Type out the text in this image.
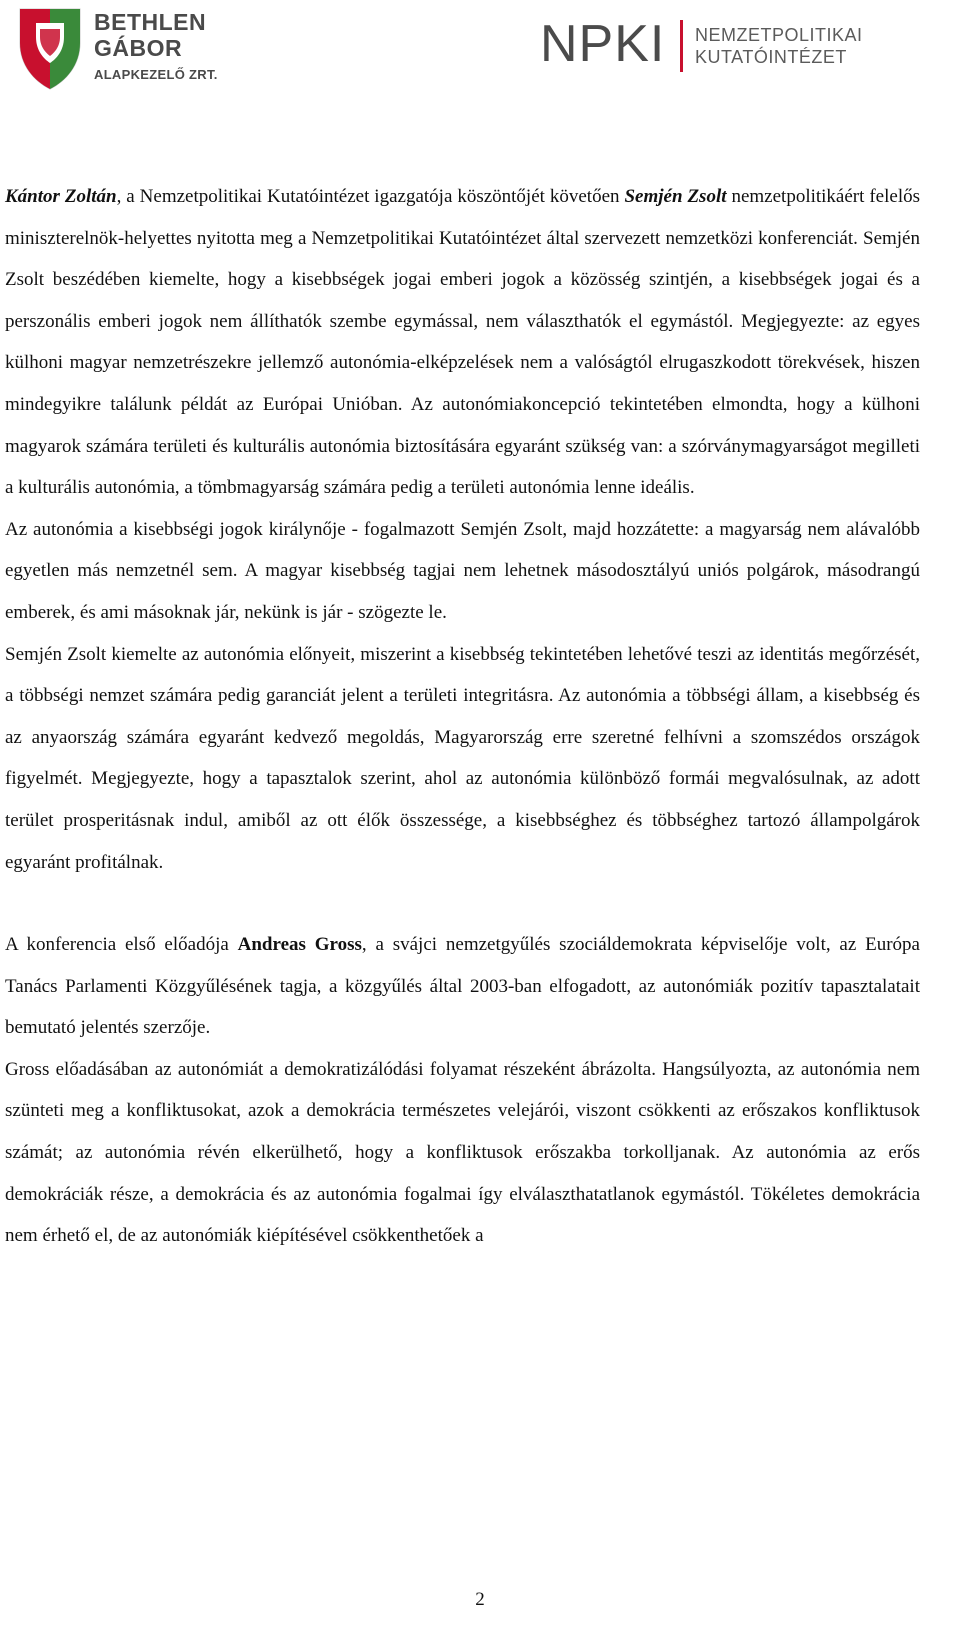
BETHLEN
GÁBOR
ALAPKEZELŐ ZRT.
NPKI NEMZETPOLITIKAI
KUTATÓINTÉZET

Kántor Zoltán, a Nemzetpolitikai Kutatóintézet igazgatója köszöntőjét követően Semjén Zsolt nemzetpolitikáért felelős miniszterelnök-helyettes nyitotta meg a Nemzetpolitikai Kutatóintézet által szervezett nemzetközi konferenciát. Semjén Zsolt beszédében kiemelte, hogy a kisebbségek jogai emberi jogok a közösség szintjén, a kisebbségek jogai és a perszonális emberi jogok nem állíthatók szembe egymással, nem választhatók el egymástól. Megjegyezte: az egyes külhoni magyar nemzetrészekre jellemző autonómia-elképzelések nem a valóságtól elrugaszkodott törekvések, hiszen mindegyikre találunk példát az Európai Unióban. Az autonómiakoncepció tekintetében elmondta, hogy a külhoni magyarok számára területi és kulturális autonómia biztosítására egyaránt szükség van: a szórványmagyarságot megilleti a kulturális autonómia, a tömbmagyarság számára pedig a területi autonómia lenne ideális.

Az autonómia a kisebbségi jogok királynője - fogalmazott Semjén Zsolt, majd hozzátette: a magyarság nem alávalóbb egyetlen más nemzetnél sem. A magyar kisebbség tagjai nem lehetnek másodosztályú uniós polgárok, másodrangú emberek, és ami másoknak jár, nekünk is jár - szögezte le.

Semjén Zsolt kiemelte az autonómia előnyeit, miszerint a kisebbség tekintetében lehetővé teszi az identitás megőrzését, a többségi nemzet számára pedig garanciát jelent a területi integritásra. Az autonómia a többségi állam, a kisebbség és az anyaország számára egyaránt kedvező megoldás, Magyarország erre szeretné felhívni a szomszédos országok figyelmét. Megjegyezte, hogy a tapasztalok szerint, ahol az autonómia különböző formái megvalósulnak, az adott terület prosperitásnak indul, amiből az ott élők összessége, a kisebbséghez és többséghez tartozó állampolgárok egyaránt profitálnak.

A konferencia első előadója Andreas Gross, a svájci nemzetgyűlés szociáldemokrata képviselője volt, az Európa Tanács Parlamenti Közgyűlésének tagja, a közgyűlés által 2003-ban elfogadott, az autonómiák pozitív tapasztalatait bemutató jelentés szerzője.

Gross előadásában az autonómiát a demokratizálódási folyamat részeként ábrázolta. Hangsúlyozta, az autonómia nem szünteti meg a konfliktusokat, azok a demokrácia természetes velejárói, viszont csökkenti az erőszakos konfliktusok számát; az autonómia révén elkerülhető, hogy a konfliktusok erőszakba torkolljanak. Az autonómia az erős demokráciák része, a demokrácia és az autonómia fogalmai így elválaszthatatlanok egymástól. Tökéletes demokrácia nem érhető el, de az autonómiák kiépítésével csökkenthetőek a

2
